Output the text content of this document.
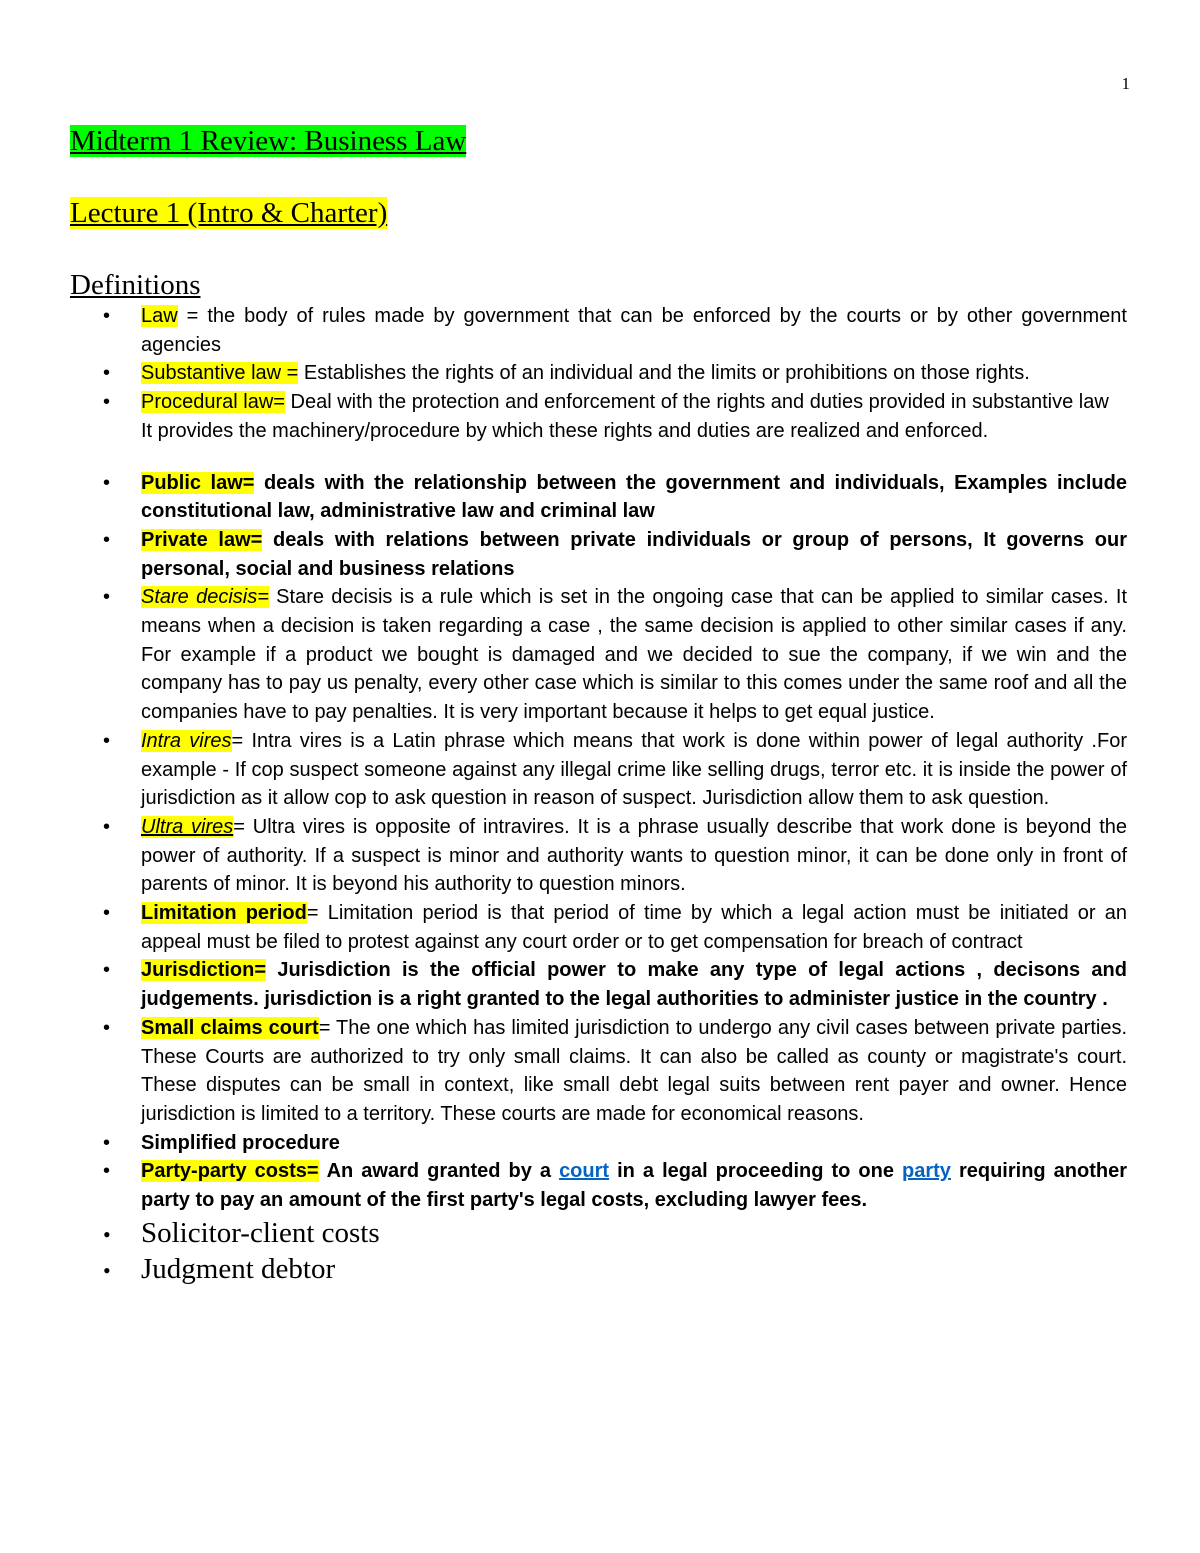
1
Midterm 1 Review: Business Law
Lecture 1 (Intro & Charter)
Definitions
• Law = the body of rules made by government that can be enforced by the courts or by other government agencies
• Substantive law = Establishes the rights of an individual and the limits or prohibitions on those rights.
• Procedural law= Deal with the protection and enforcement of the rights and duties provided in substantive law
It provides the machinery/procedure by which these rights and duties are realized and enforced.
• Public law= deals with the relationship between the government and individuals, Examples include constitutional law, administrative law and criminal law
• Private law= deals with relations between private individuals or group of persons, It governs our personal, social and business relations
• Stare decisis= Stare decisis is a rule which is set in the ongoing case that can be applied to similar cases. It means when a decision is taken regarding a case , the same decision is applied to other similar cases if any. For example if a product we bought is damaged and we decided to sue the company, if we win and the company has to pay us penalty, every other case which is similar to this comes under the same roof and all the companies have to pay penalties. It is very important because it helps to get equal justice.
• Intra vires= Intra vires is a Latin phrase which means that work is done within power of legal authority .For example - If cop suspect someone against any illegal crime like selling drugs, terror etc. it is inside the power of jurisdiction as it allow cop to ask question in reason of suspect. Jurisdiction allow them to ask question.
• Ultra vires= Ultra vires is opposite of intravires. It is a phrase usually describe that work done is beyond the power of authority. If a suspect is minor and authority wants to question minor, it can be done only in front of parents of minor. It is beyond his authority to question minors.
• Limitation period= Limitation period is that period of time by which a legal action must be initiated or an appeal must be filed to protest against any court order or to get compensation for breach of contract
• Jurisdiction= Jurisdiction is the official power to make any type of legal actions , decisons and judgements. jurisdiction is a right granted to the legal authorities to administer justice in the country .
• Small claims court= The one which has limited jurisdiction to undergo any civil cases between private parties. These Courts are authorized to try only small claims. It can also be called as county or magistrate's court. These disputes can be small in context, like small debt legal suits between rent payer and owner. Hence jurisdiction is limited to a territory. These courts are made for economical reasons.
• Simplified procedure
• Party-party costs= An award granted by a court in a legal proceeding to one party requiring another party to pay an amount of the first party's legal costs, excluding lawyer fees.
• Solicitor-client costs
• Judgment debtor
